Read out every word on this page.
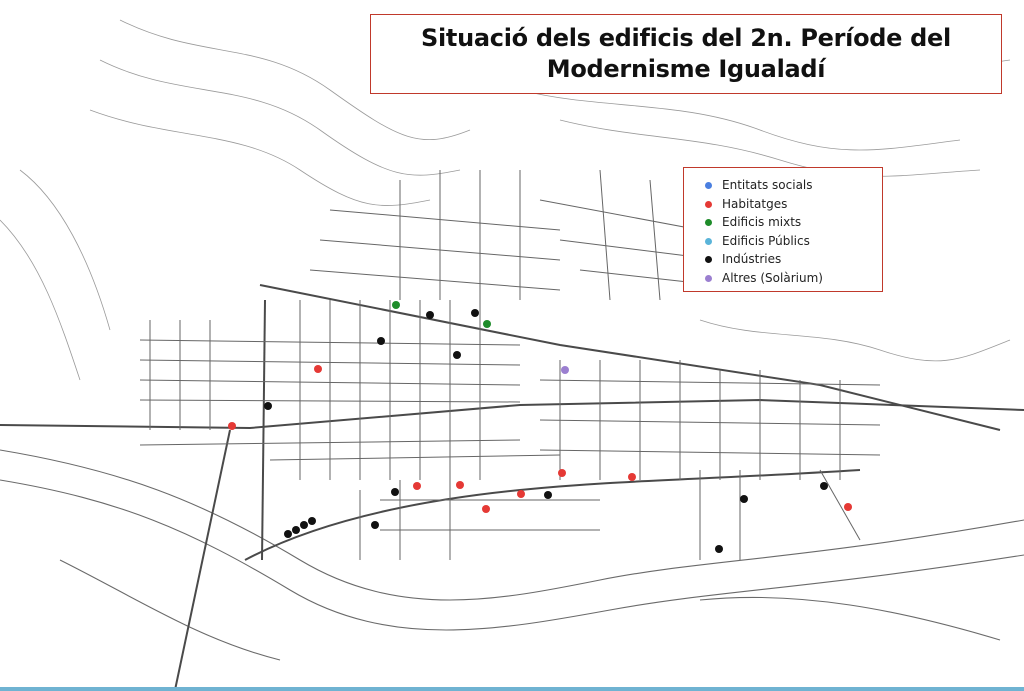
Situació dels edificis del 2n. Període del
Modernisme Igualadí
Entitats socials
Habitatges
Edificis mixts
Edificis Públics
Indústries
Altres (Solàrium)
